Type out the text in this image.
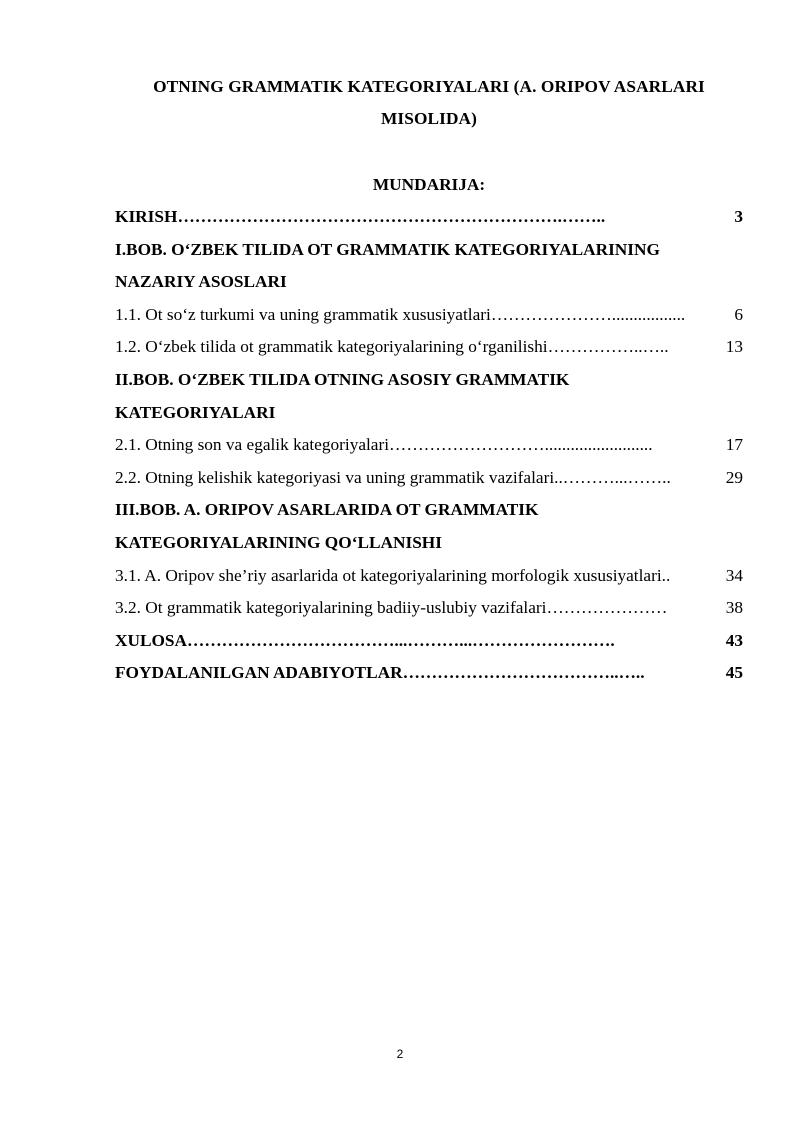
OTNING GRAMMATIK KATEGORIYALARI (A. ORIPOV ASARLARI
MISOLIDA)
MUNDARIJA:
KIRISH ………………………………………………………….……..	3
I.BOB. O‘ZBEK TILIDA OT GRAMMATIK KATEGORIYALARINING
NAZARIY ASOSLARI
1.1. Ot so‘z turkumi va uning grammatik xususiyatlari ………………….................	6
1.2. O‘zbek tilida ot grammatik kategoriyalarining o‘rganilishi ……………..…..	13
II.BOB. O‘ZBEK TILIDA OTNING ASOSIY GRAMMATIK
KATEGORIYALARI
2.1. Otning son va egalik kategoriyalari ……………………….........................	17
2.2. Otning kelishik kategoriyasi va uning grammatik vazifalari ..………...……..	29
III.BOB. A. ORIPOV ASARLARIDA OT GRAMMATIK
KATEGORIYALARINING QO‘LLANISHI
3.1. A. Oripov she’riy asarlarida ot kategoriyalarining morfologik xususiyatlari ..	34
3.2. Ot grammatik kategoriyalarining badiiy-uslubiy vazifalari …………………	38
XULOSA ………………………………...………...…………………….	43
FOYDALANILGAN ADABIYOTLAR ………………………………..…..	45
2
